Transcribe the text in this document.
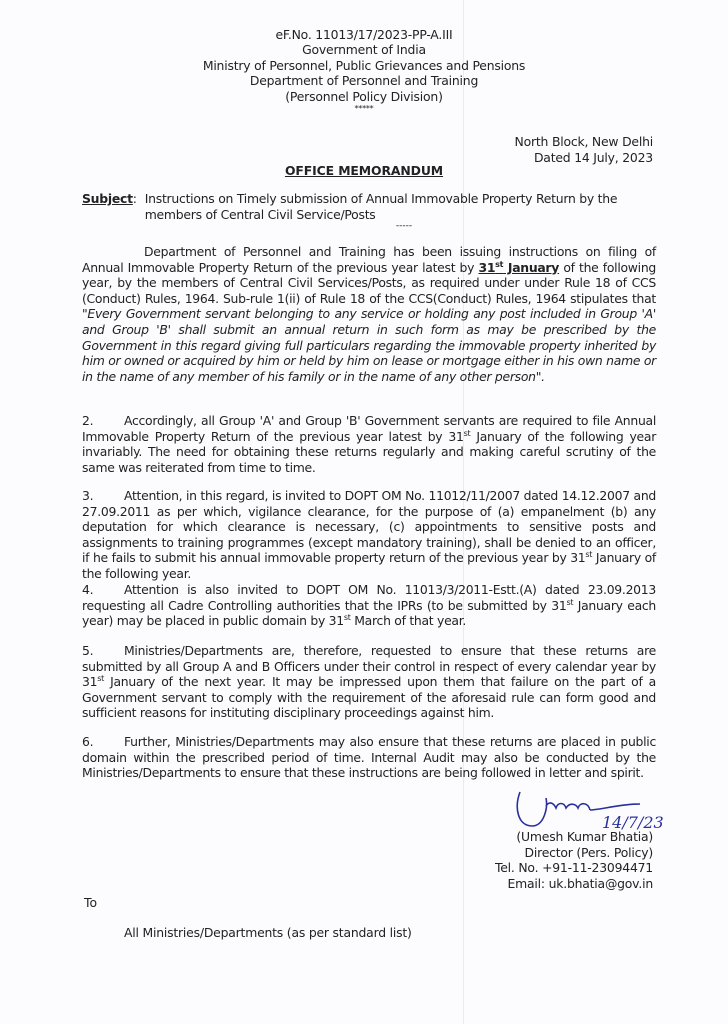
eF.No. 11013/17/2023-PP-A.III
Government of India
Ministry of Personnel, Public Grievances and Pensions
Department of Personnel and Training
(Personnel Policy Division)
*****
North Block, New Delhi
Dated 14 July, 2023
OFFICE MEMORANDUM
Subject : Instructions on Timely submission of Annual Immovable Property Return by the members of Central Civil Service/Posts
-----
Department of Personnel and Training has been issuing instructions on filing of Annual Immovable Property Return of the previous year latest by 31st January of the following year, by the members of Central Civil Services/Posts, as required under under Rule 18 of CCS (Conduct) Rules, 1964. Sub-rule 1(ii) of Rule 18 of the CCS(Conduct) Rules, 1964 stipulates that "Every Government servant belonging to any service or holding any post included in Group 'A' and Group 'B' shall submit an annual return in such form as may be prescribed by the Government in this regard giving full particulars regarding the immovable property inherited by him or owned or acquired by him or held by him on lease or mortgage either in his own name or in the name of any member of his family or in the name of any other person".
2. Accordingly, all Group 'A' and Group 'B' Government servants are required to file Annual Immovable Property Return of the previous year latest by 31st January of the following year invariably. The need for obtaining these returns regularly and making careful scrutiny of the same was reiterated from time to time.
3. Attention, in this regard, is invited to DOPT OM No. 11012/11/2007 dated 14.12.2007 and 27.09.2011 as per which, vigilance clearance, for the purpose of (a) empanelment (b) any deputation for which clearance is necessary, (c) appointments to sensitive posts and assignments to training programmes (except mandatory training), shall be denied to an officer, if he fails to submit his annual immovable property return of the previous year by 31st January of the following year.
4. Attention is also invited to DOPT OM No. 11013/3/2011-Estt.(A) dated 23.09.2013 requesting all Cadre Controlling authorities that the IPRs (to be submitted by 31st January each year) may be placed in public domain by 31st March of that year.
5. Ministries/Departments are, therefore, requested to ensure that these returns are submitted by all Group A and B Officers under their control in respect of every calendar year by 31st January of the next year. It may be impressed upon them that failure on the part of a Government servant to comply with the requirement of the aforesaid rule can form good and sufficient reasons for instituting disciplinary proceedings against him.
6. Further, Ministries/Departments may also ensure that these returns are placed in public domain within the prescribed period of time. Internal Audit may also be conducted by the Ministries/Departments to ensure that these instructions are being followed in letter and spirit.
14/7/23
(Umesh Kumar Bhatia)
Director (Pers. Policy)
Tel. No. +91-11-23094471
Email: uk.bhatia@gov.in
To
All Ministries/Departments (as per standard list)
